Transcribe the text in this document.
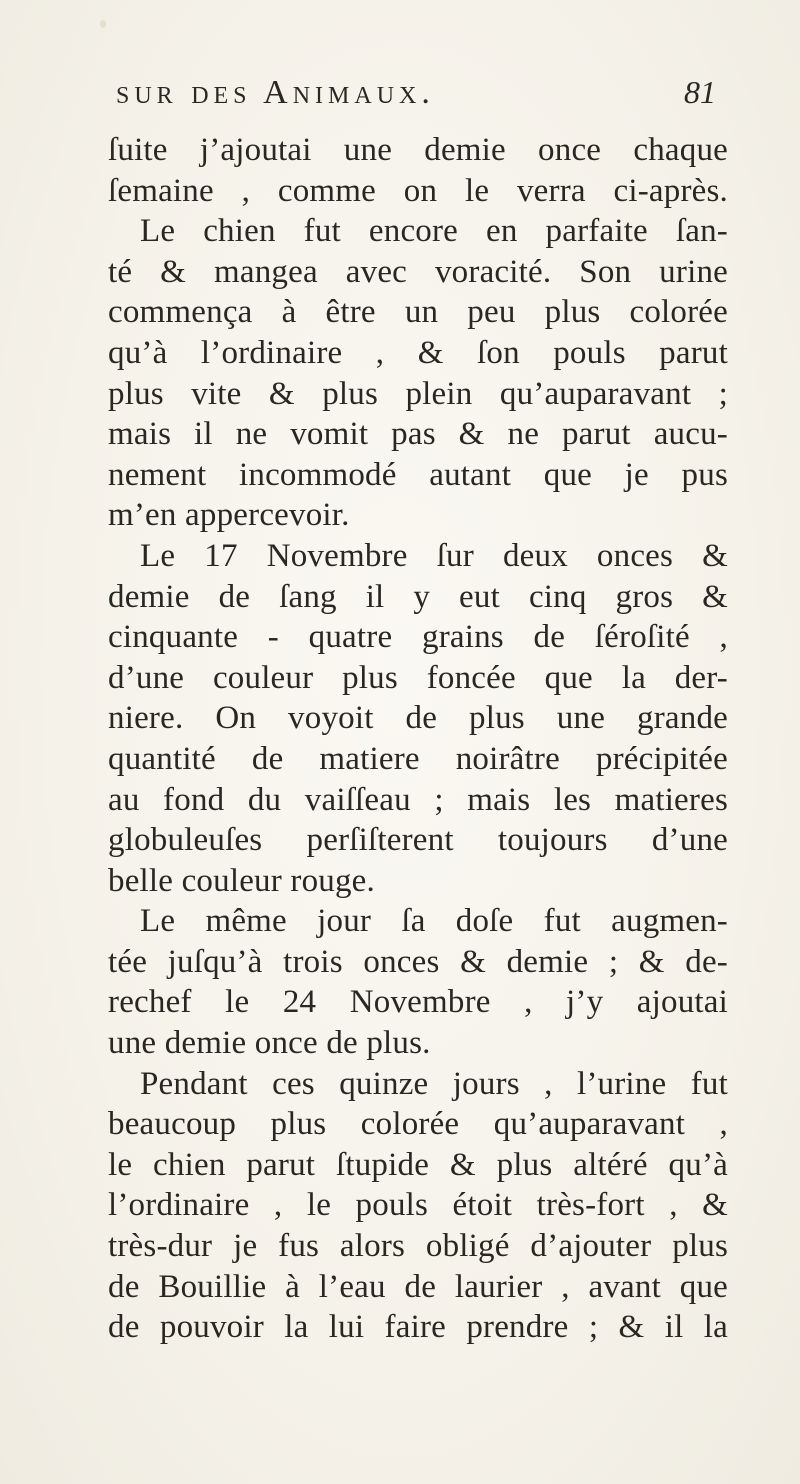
sur des Animaux.	81
ſuite j’ajoutai une demie once chaque
ſemaine , comme on le verra ci-après.
Le chien fut encore en parfaite ſan-
té & mangea avec voracité. Son urine
commença à être un peu plus colorée
qu’à l’ordinaire , & ſon pouls parut
plus vite & plus plein qu’auparavant ;
mais il ne vomit pas & ne parut aucu-
nement incommodé autant que je pus
m’en appercevoir.
Le 17 Novembre ſur deux onces &
demie de ſang il y eut cinq gros &
cinquante - quatre grains de ſéroſité ,
d’une couleur plus foncée que la der-
niere. On voyoit de plus une grande
quantité de matiere noirâtre précipitée
au fond du vaiſſeau ; mais les matieres
globuleuſes perſiſterent toujours d’une
belle couleur rouge.
Le même jour ſa doſe fut augmen-
tée juſqu’à trois onces & demie ; & de-
rechef le 24 Novembre , j’y ajoutai
une demie once de plus.
Pendant ces quinze jours , l’urine fut
beaucoup plus colorée qu’auparavant ,
le chien parut ſtupide & plus altéré qu’à
l’ordinaire , le pouls étoit très-fort , &
très-dur je fus alors obligé d’ajouter plus
de Bouillie à l’eau de laurier , avant que
de pouvoir la lui faire prendre ; & il la
